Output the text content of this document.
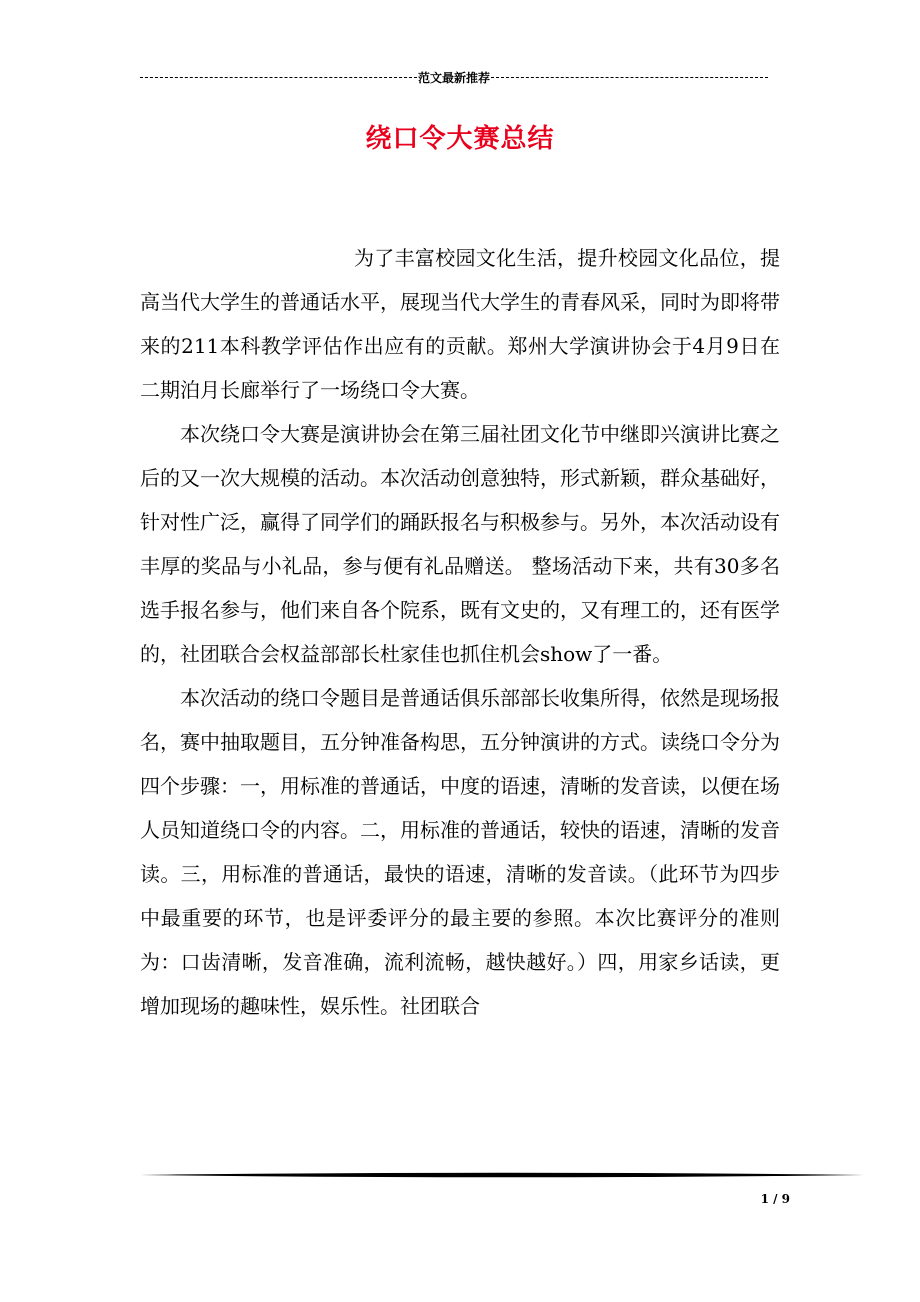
范文最新推荐
绕口令大赛总结

为了丰富校园文化生活，提升校园文化品位，提高当代大学生的普通话水平，展现当代大学生的青春风采，同时为即将带来的211本科教学评估作出应有的贡献。郑州大学演讲协会于4月9日在二期泊月长廊举行了一场绕口令大赛。

本次绕口令大赛是演讲协会在第三届社团文化节中继即兴演讲比赛之后的又一次大规模的活动。本次活动创意独特，形式新颖，群众基础好，针对性广泛，赢得了同学们的踊跃报名与积极参与。另外，本次活动设有丰厚的奖品与小礼品，参与便有礼品赠送。 整场活动下来，共有30多名选手报名参与，他们来自各个院系，既有文史的，又有理工的，还有医学的，社团联合会权益部部长杜家佳也抓住机会show了一番。

本次活动的绕口令题目是普通话俱乐部部长收集所得，依然是现场报名，赛中抽取题目，五分钟准备构思，五分钟演讲的方式。读绕口令分为四个步骤：一，用标准的普通话，中度的语速，清晰的发音读，以便在场人员知道绕口令的内容。二，用标准的普通话，较快的语速，清晰的发音读。三，用标准的普通话，最快的语速，清晰的发音读。（此环节为四步中最重要的环节，也是评委评分的最主要的参照。本次比赛评分的准则为：口齿清晰，发音准确，流利流畅，越快越好。）四，用家乡话读，更增加现场的趣味性，娱乐性。社团联合

1 / 9
